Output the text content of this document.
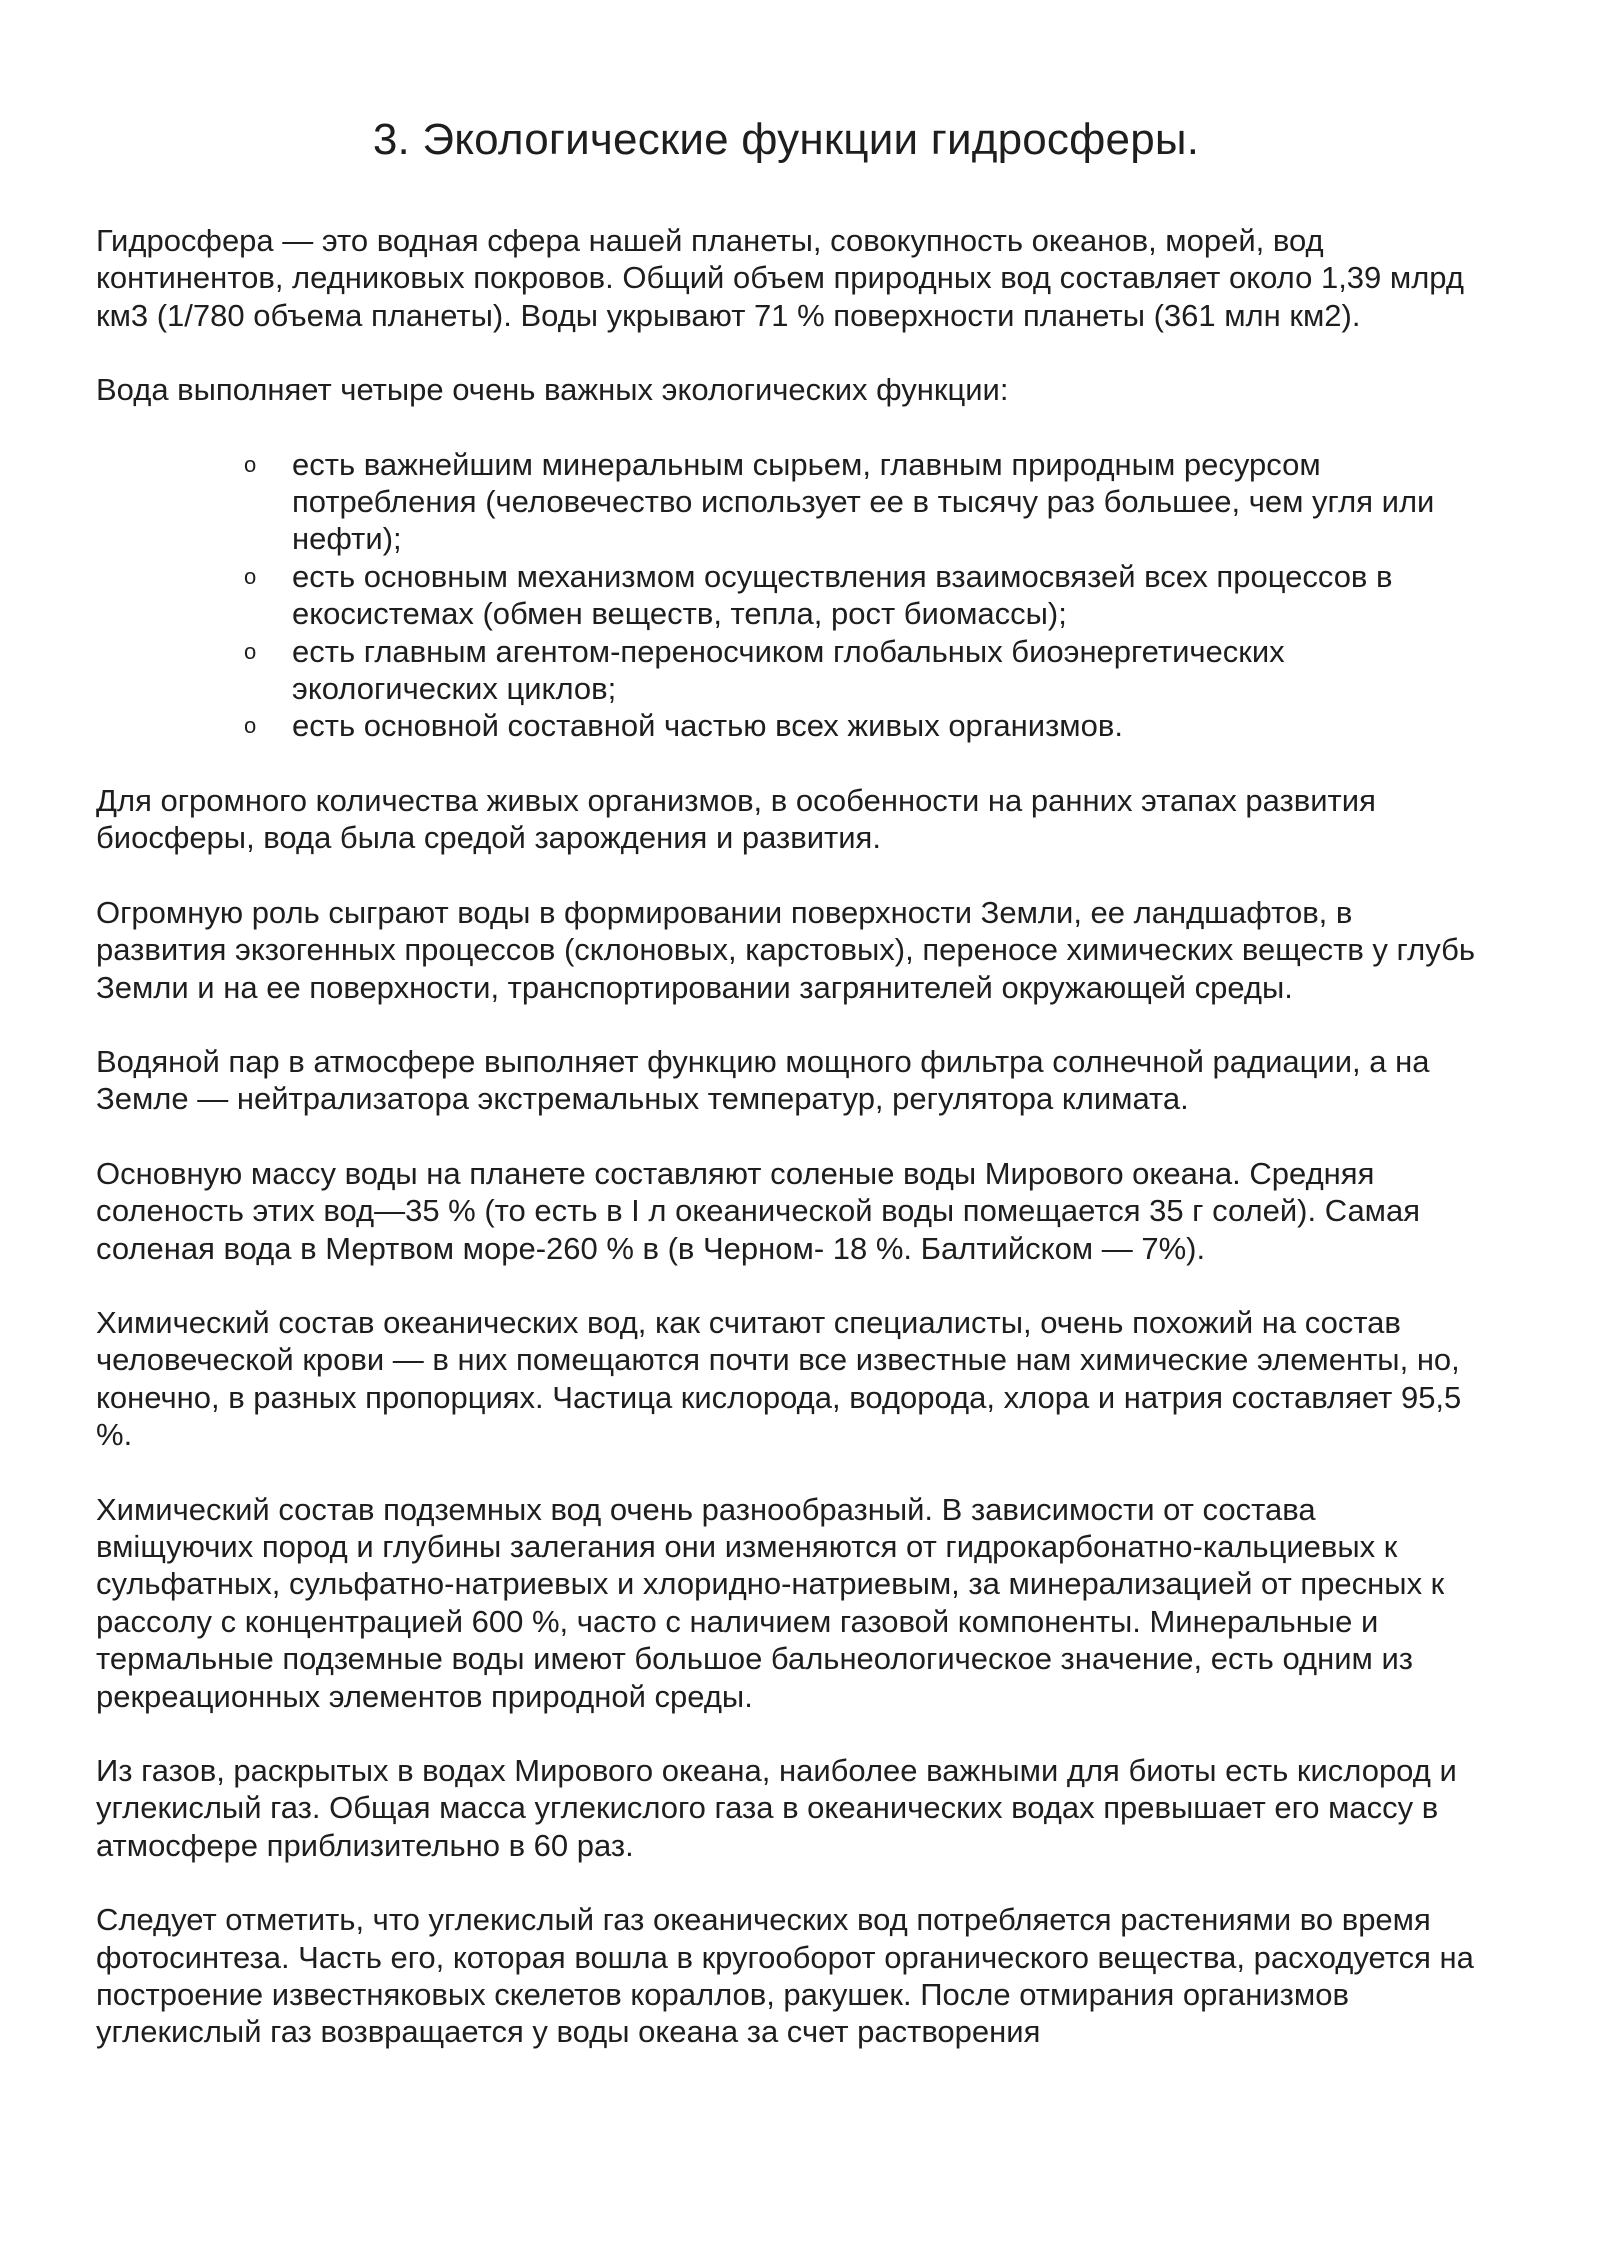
3. Экологические функции гидросферы.

Гидросфера — это водная сфера нашей планеты, совокупность океанов, морей, вод континентов, ледниковых покровов. Общий объем природных вод составляет около 1,39 млрд км3 (1/780 объема планеты). Воды укрывают 71 % поверхности планеты (361 млн км2).

Вода выполняет четыре очень важных экологических функции:

o есть важнейшим минеральным сырьем, главным природным ресурсом потребления (человечество использует ее в тысячу раз большее, чем угля или нефти);
o есть основным механизмом осуществления взаимосвязей всех процессов в екосистемах (обмен веществ, тепла, рост биомассы);
o есть главным агентом-переносчиком глобальных биоэнергетических экологических циклов;
o есть основной составной частью всех живых организмов.

Для огромного количества живых организмов, в особенности на ранних этапах развития биосферы, вода была средой зарождения и развития.

Огромную роль сыграют воды в формировании поверхности Земли, ее ландшафтов, в развития экзогенных процессов (склоновых, карстовых), переносе химических веществ у глубь Земли и на ее поверхности, транспортировании загрянителей окружающей среды.

Водяной пар в атмосфере выполняет функцию мощного фильтра солнечной радиации, а на Земле — нейтрализатора экстремальных температур, регулятора климата.

Основную массу воды на планете составляют соленые воды Мирового океана. Средняя соленость этих вод—35 % (то есть в I л океанической воды помещается 35 г солей). Самая соленая вода в Мертвом море-260 % в (в Черном- 18 %. Балтийском — 7%).

Химический состав океанических вод, как считают специалисты, очень похожий на состав человеческой крови — в них помещаются почти все известные нам химические элементы, но, конечно, в разных пропорциях. Частица кислорода, водорода, хлора и натрия составляет 95,5 %.

Химический состав подземных вод очень разнообразный. В зависимости от состава вміщуючих пород и глубины залегания они изменяются от гидрокарбонатно-кальциевых к сульфатных, сульфатно-натриевых и хлоридно-натриевым, за минерализацией от пресных к рассолу с концентрацией 600 %, часто с наличием газовой компоненты. Минеральные и термальные подземные воды имеют большое бальнеологическое значение, есть одним из рекреационных элементов природной среды.

Из газов, раскрытых в водах Мирового океана, наиболее важными для биоты есть кислород и углекислый газ. Общая масса углекислого газа в океанических водах превышает его массу в атмосфере приблизительно в 60 раз.

Следует отметить, что углекислый газ океанических вод потребляется растениями во время фотосинтеза. Часть его, которая вошла в кругооборот органического вещества, расходуется на построение известняковых скелетов кораллов, ракушек. После отмирания организмов углекислый газ возвращается у воды океана за счет растворения
